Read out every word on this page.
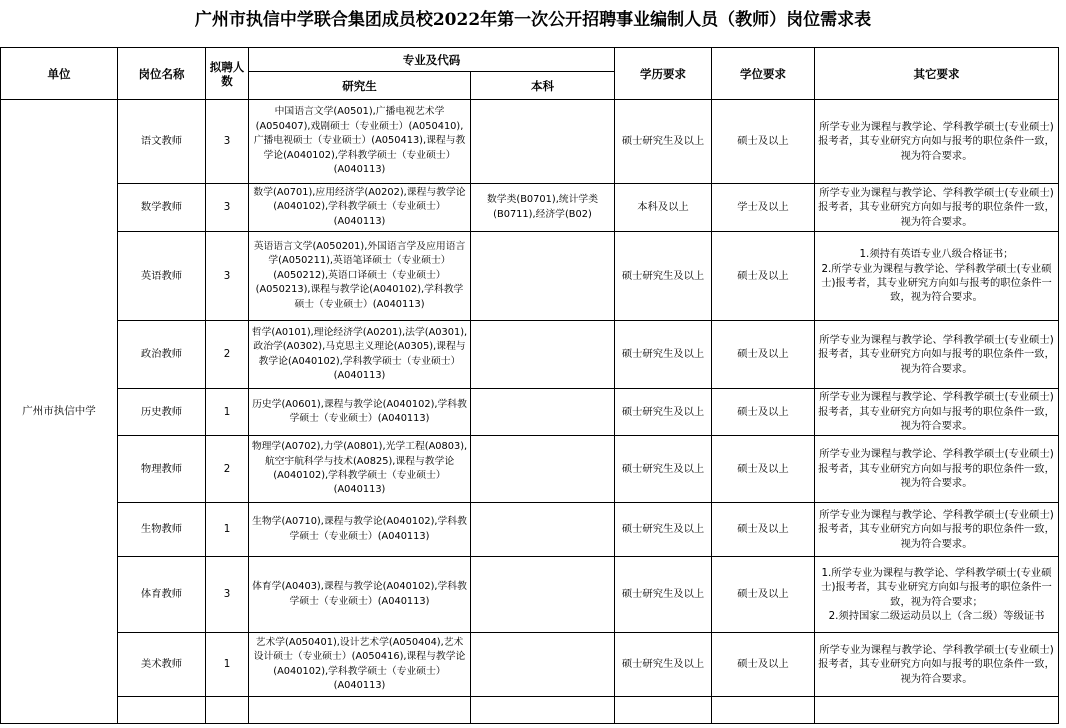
广州市执信中学联合集团成员校2022年第一次公开招聘事业编制人员（教师）岗位需求表
单位	岗位名称	拟聘人数	专业及代码		学历要求	学位要求	其它要求
			研究生	本科			
广州市执信中学	语文教师	3	中国语言文学(A0501),广播电视艺术学(A050407),戏剧硕士（专业硕士）(A050410),广播电视硕士（专业硕士）(A050413),课程与教学论(A040102),学科教学硕士（专业硕士）(A040113)		硕士研究生及以上	硕士及以上	所学专业为课程与教学论、学科教学硕士(专业硕士)报考者，其专业研究方向如与报考的职位条件一致，视为符合要求。
	数学教师	3	数学(A0701),应用经济学(A0202),课程与教学论(A040102),学科教学硕士（专业硕士）(A040113)	数学类(B0701),统计学类(B0711),经济学(B02)	本科及以上	学士及以上	所学专业为课程与教学论、学科教学硕士(专业硕士)报考者，其专业研究方向如与报考的职位条件一致，视为符合要求。
	英语教师	3	英语语言文学(A050201),外国语言学及应用语言学(A050211),英语笔译硕士（专业硕士）(A050212),英语口译硕士（专业硕士）(A050213),课程与教学论(A040102),学科教学硕士（专业硕士）(A040113)		硕士研究生及以上	硕士及以上	1.须持有英语专业八级合格证书；
2.所学专业为课程与教学论、学科教学硕士(专业硕士)报考者，其专业研究方向如与报考的职位条件一致，视为符合要求。
	政治教师	2	哲学(A0101),理论经济学(A0201),法学(A0301),政治学(A0302),马克思主义理论(A0305),课程与教学论(A040102),学科教学硕士（专业硕士）(A040113)		硕士研究生及以上	硕士及以上	所学专业为课程与教学论、学科教学硕士(专业硕士)报考者，其专业研究方向如与报考的职位条件一致，视为符合要求。
	历史教师	1	历史学(A0601),课程与教学论(A040102),学科教学硕士（专业硕士）(A040113)		硕士研究生及以上	硕士及以上	所学专业为课程与教学论、学科教学硕士(专业硕士)报考者，其专业研究方向如与报考的职位条件一致，视为符合要求。
	物理教师	2	物理学(A0702),力学(A0801),光学工程(A0803),航空宇航科学与技术(A0825),课程与教学论(A040102),学科教学硕士（专业硕士）(A040113)		硕士研究生及以上	硕士及以上	所学专业为课程与教学论、学科教学硕士(专业硕士)报考者，其专业研究方向如与报考的职位条件一致，视为符合要求。
	生物教师	1	生物学(A0710),课程与教学论(A040102),学科教学硕士（专业硕士）(A040113)		硕士研究生及以上	硕士及以上	所学专业为课程与教学论、学科教学硕士(专业硕士)报考者，其专业研究方向如与报考的职位条件一致，视为符合要求。
	体育教师	3	体育学(A0403),课程与教学论(A040102),学科教学硕士（专业硕士）(A040113)		硕士研究生及以上	硕士及以上	1.所学专业为课程与教学论、学科教学硕士(专业硕士)报考者，其专业研究方向如与报考的职位条件一致，视为符合要求；
2.须持国家二级运动员以上（含二级）等级证书
	美术教师	1	艺术学(A050401),设计艺术学(A050404),艺术设计硕士（专业硕士）(A050416),课程与教学论(A040102),学科教学硕士（专业硕士）(A040113)		硕士研究生及以上	硕士及以上	所学专业为课程与教学论、学科教学硕士(专业硕士)报考者，其专业研究方向如与报考的职位条件一致，视为符合要求。
